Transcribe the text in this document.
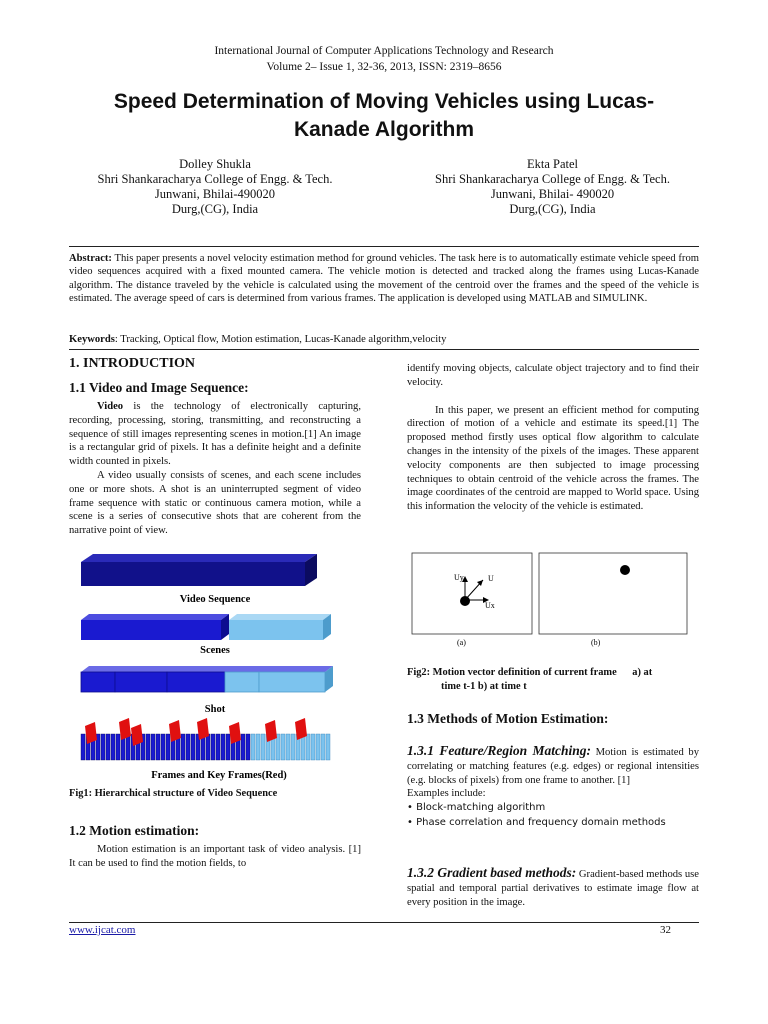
International Journal of Computer Applications Technology and Research
Volume 2– Issue 1, 32-36, 2013, ISSN: 2319–8656
Speed Determination of Moving Vehicles using Lucas-
Kanade Algorithm
Dolley Shukla
Shri Shankaracharya College of Engg. & Tech.
Junwani, Bhilai-490020
Durg,(CG), India
Ekta Patel
Shri Shankaracharya College of Engg. & Tech.
Junwani, Bhilai- 490020
Durg,(CG), India
Abstract: This paper presents a novel velocity estimation method for ground vehicles. The task here is to automatically estimate vehicle speed from video sequences acquired with a fixed mounted camera. The vehicle motion is detected and tracked along the frames using Lucas-Kanade algorithm. The distance traveled by the vehicle is calculated using the movement of the centroid over the frames and the speed of the vehicle is estimated. The average speed of cars is determined from various frames. The application is developed using MATLAB and SIMULINK.
Keywords: Tracking, Optical flow, Motion estimation, Lucas-Kanade algorithm,velocity
1. INTRODUCTION
1.1 Video and Image Sequence:

Video is the technology of electronically capturing, recording, processing, storing, transmitting, and reconstructing a sequence of still images representing scenes in motion.[1] An image is a rectangular grid of pixels. It has a definite height and a definite width counted in pixels.

A video usually consists of scenes, and each scene includes one or more shots. A shot is an uninterrupted segment of video frame sequence with static or continuous camera motion, while a scene is a series of consecutive shots that are coherent from the narrative point of view.

Video Sequence
Scenes
Shot
Frames and Key Frames(Red)
Fig1: Hierarchical structure of Video Sequence
1.2 Motion estimation:

Motion estimation is an important task of video analysis. [1] It can be used to find the motion fields, to

identify moving objects, calculate object trajectory and to find their velocity.

In this paper, we present an efficient method for computing direction of motion of a vehicle and estimate its speed.[1] The proposed method firstly uses optical flow algorithm to calculate changes in the intensity of the pixels of the images. These apparent velocity components are then subjected to image processing techniques to obtain centroid of the vehicle across the frames. The image coordinates of the centroid are mapped to World space. Using this information the velocity of the vehicle is estimated.

Uy	U
Ux
(a)	(b)
Fig2: Motion vector definition of current frame      a) at
time t-1 b) at time t
1.3 Methods of Motion Estimation:

1.3.1 Feature/Region Matching: Motion is estimated by correlating or matching features (e.g. edges) or regional intensities (e.g. blocks of pixels) from one frame to another. [1]

Examples include:

• Block-matching algorithm

• Phase correlation and frequency domain methods

1.3.2 Gradient based methods: Gradient-based methods use spatial and temporal partial derivatives to estimate image flow at every position in the image.

www.ijcat.com	32
